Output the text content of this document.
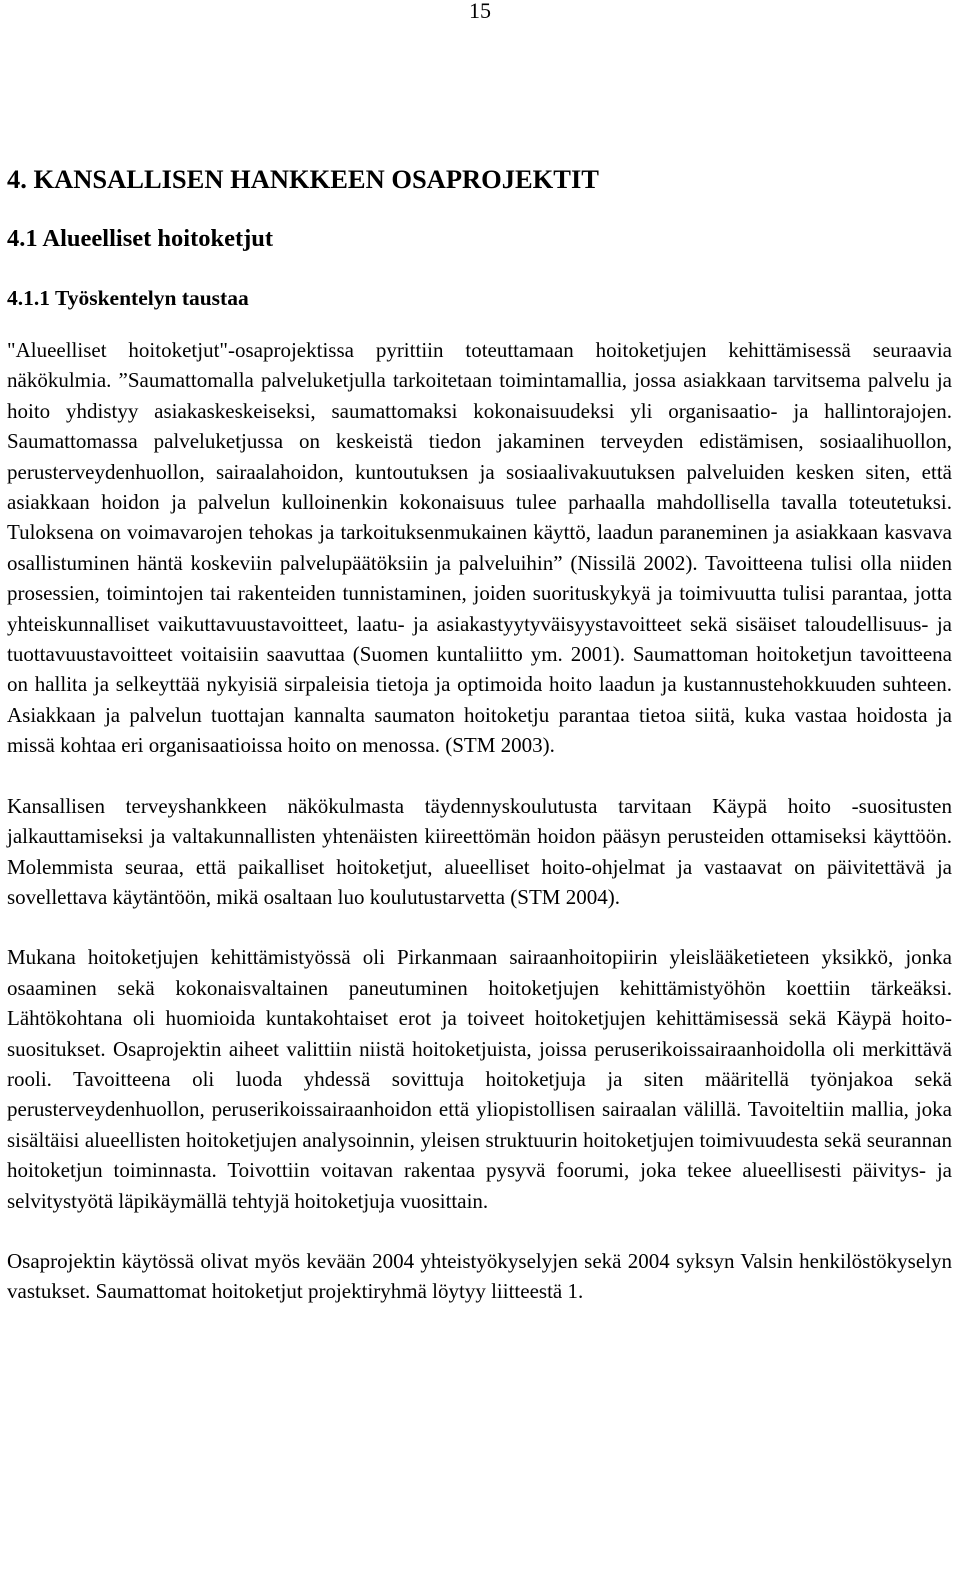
15
4. KANSALLISEN HANKKEEN OSAPROJEKTIT
4.1 Alueelliset hoitoketjut
4.1.1 Työskentelyn taustaa

"Alueelliset hoitoketjut"-osaprojektissa pyrittiin toteuttamaan hoitoketjujen kehittämisessä seuraavia näkökulmia. ”Saumattomalla palveluketjulla tarkoitetaan toimintamallia, jossa asiakkaan tarvitsema palvelu ja hoito yhdistyy asiakaskeskeiseksi, saumattomaksi kokonaisuudeksi yli organisaatio- ja hallintorajojen. Saumattomassa palveluketjussa on keskeistä tiedon jakaminen terveyden edistämisen, sosiaalihuollon, perusterveydenhuollon, sairaalahoidon, kuntoutuksen ja sosiaalivakuutuksen palveluiden kesken siten, että asiakkaan hoidon ja palvelun kulloinenkin kokonaisuus tulee parhaalla mahdollisella tavalla toteutetuksi. Tuloksena on voimavarojen tehokas ja tarkoituksenmukainen käyttö, laadun paraneminen ja asiakkaan kasvava osallistuminen häntä koskeviin palvelupäätöksiin ja palveluihin” (Nissilä 2002). Tavoitteena tulisi olla niiden prosessien, toimintojen tai rakenteiden tunnistaminen, joiden suorituskykyä ja toimivuutta tulisi parantaa, jotta yhteiskunnalliset vaikuttavuustavoitteet, laatu- ja asiakastyytyväisyystavoitteet sekä sisäiset taloudellisuus- ja tuottavuustavoitteet voitaisiin saavuttaa (Suomen kuntaliitto ym. 2001). Saumattoman hoitoketjun tavoitteena on hallita ja selkeyttää nykyisiä sirpaleisia tietoja ja optimoida hoito laadun ja kustannustehokkuuden suhteen. Asiakkaan ja palvelun tuottajan kannalta saumaton hoitoketju parantaa tietoa siitä, kuka vastaa hoidosta ja missä kohtaa eri organisaatioissa hoito on menossa. (STM 2003).

Kansallisen terveyshankkeen näkökulmasta täydennyskoulutusta tarvitaan Käypä hoito -suositusten jalkauttamiseksi ja valtakunnallisten yhtenäisten kiireettömän hoidon pääsyn perusteiden ottamiseksi käyttöön. Molemmista seuraa, että paikalliset hoitoketjut, alueelliset hoito-ohjelmat ja vastaavat on päivitettävä ja sovellettava käytäntöön, mikä osaltaan luo koulutustarvetta (STM 2004).

Mukana hoitoketjujen kehittämistyössä oli Pirkanmaan sairaanhoitopiirin yleislääketieteen yksikkö, jonka osaaminen sekä kokonaisvaltainen paneutuminen hoitoketjujen kehittämistyöhön koettiin tärkeäksi. Lähtökohtana oli huomioida kuntakohtaiset erot ja toiveet hoitoketjujen kehittämisessä sekä Käypä hoito-suositukset. Osaprojektin aiheet valittiin niistä hoitoketjuista, joissa peruserikoissairaanhoidolla oli merkittävä rooli. Tavoitteena oli luoda yhdessä sovittuja hoitoketjuja ja siten määritellä työnjakoa sekä perusterveydenhuollon, peruserikoissairaanhoidon että yliopistollisen sairaalan välillä. Tavoiteltiin mallia, joka sisältäisi alueellisten hoitoketjujen analysoinnin, yleisen struktuurin hoitoketjujen toimivuudesta sekä seurannan hoitoketjun toiminnasta. Toivottiin voitavan rakentaa pysyvä foorumi, joka tekee alueellisesti päivitys- ja selvitystyötä läpikäymällä tehtyjä hoitoketjuja vuosittain.

Osaprojektin käytössä olivat myös kevään 2004 yhteistyökyselyjen sekä 2004 syksyn Valsin henkilöstökyselyn vastukset. Saumattomat hoitoketjut projektiryhmä löytyy liitteestä 1.
